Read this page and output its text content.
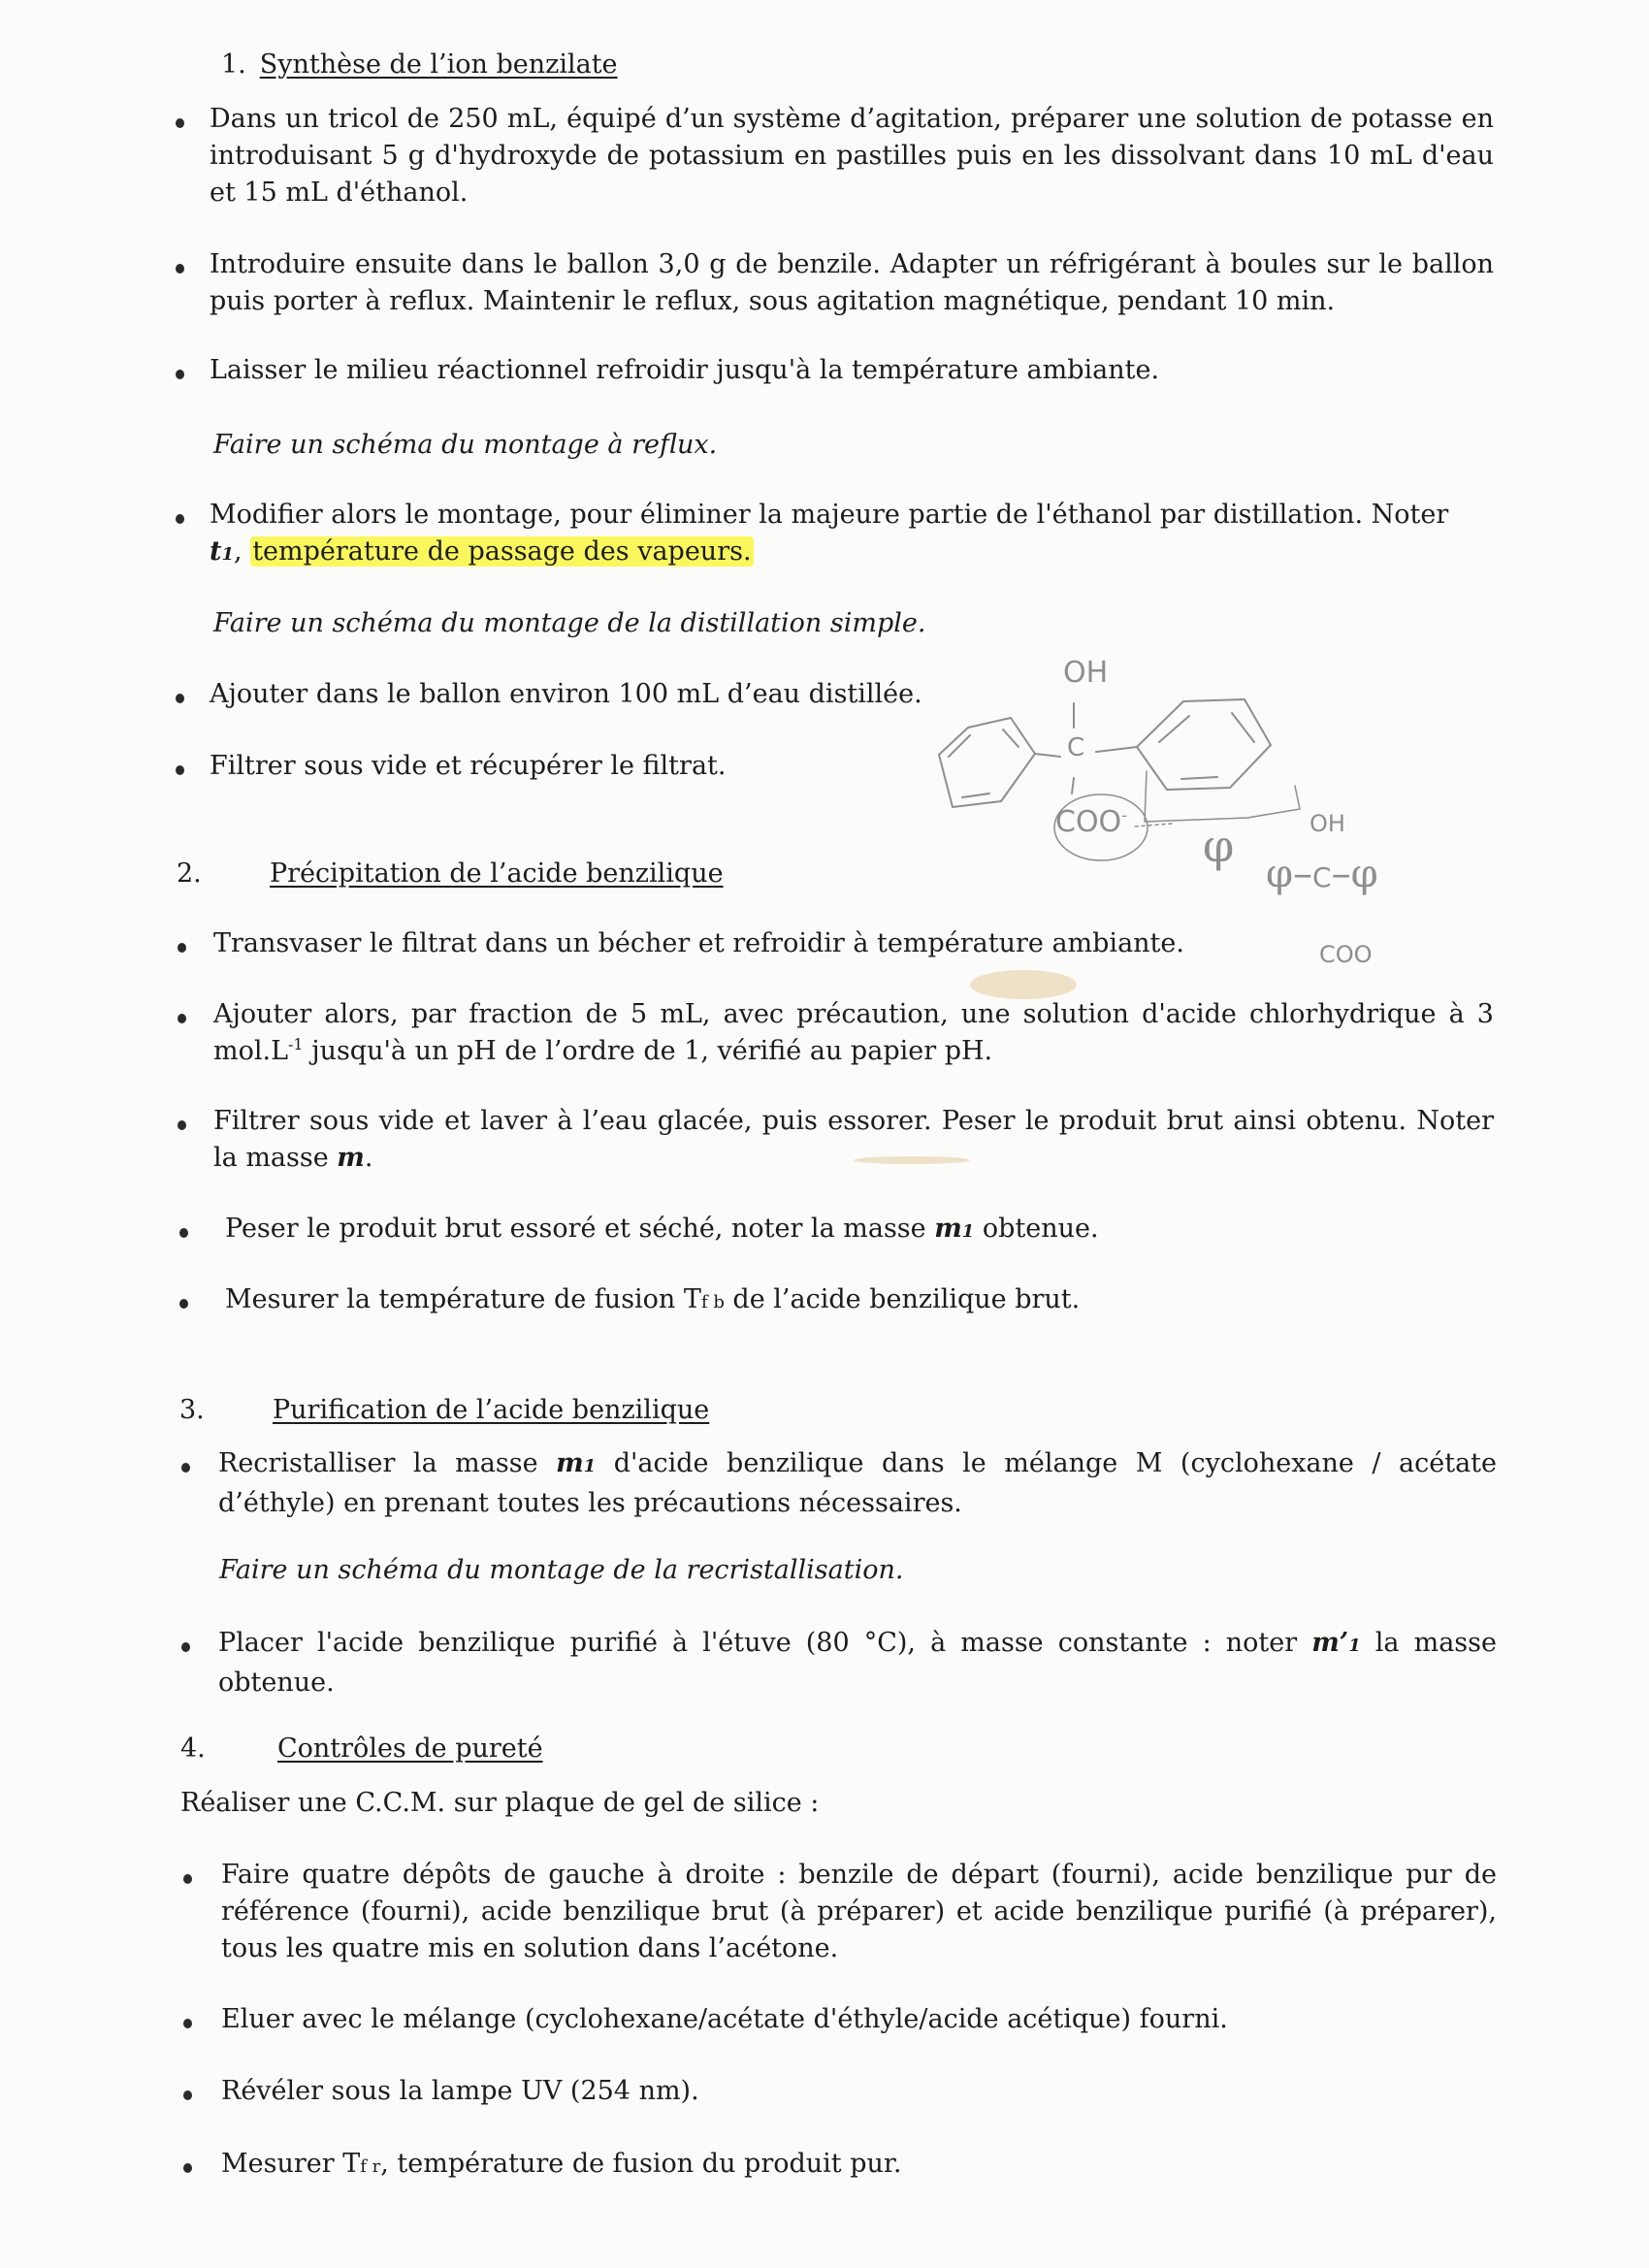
1. Synthèse de l’ion benzilate
Dans un tricol de 250 mL, équipé d’un système d’agitation, préparer une solution de potasse en introduisant 5 g d'hydroxyde de potassium en pastilles puis en les dissolvant dans 10 mL d'eau et 15 mL d'éthanol.
Introduire ensuite dans le ballon 3,0 g de benzile. Adapter un réfrigérant à boules sur le ballon puis porter à reflux. Maintenir le reflux, sous agitation magnétique, pendant 10 min.
Laisser le milieu réactionnel refroidir jusqu'à la température ambiante.
Faire un schéma du montage à reflux.
Modifier alors le montage, pour éliminer la majeure partie de l'éthanol par distillation. Noter
t1, température de passage des vapeurs.
Faire un schéma du montage de la distillation simple.
Ajouter dans le ballon environ 100 mL d’eau distillée.
Filtrer sous vide et récupérer le filtrat.
OH
C
COO-
φ	OH
φ–C–φ
COO
2.	Précipitation de l’acide benzilique
Transvaser le filtrat dans un bécher et refroidir à température ambiante.
Ajouter alors, par fraction de 5 mL, avec précaution, une solution d'acide chlorhydrique à 3 $mol.L^{-1}$ jusqu'à un pH de l’ordre de 1, vérifié au papier pH.
Filtrer sous vide et laver à l’eau glacée, puis essorer. Peser le produit brut ainsi obtenu. Noter la masse m.
Peser le produit brut essoré et séché, noter la masse m1 obtenue.
Mesurer la température de fusion Tf b de l’acide benzilique brut.
3.	Purification de l’acide benzilique
Recristalliser la masse m1 d'acide benzilique dans le mélange M (cyclohexane / acétate d’éthyle) en prenant toutes les précautions nécessaires.
Faire un schéma du montage de la recristallisation.
Placer l'acide benzilique purifié à l'étuve (80 °C), à masse constante : noter m’1 la masse obtenue.
4.	Contrôles de pureté
Réaliser une C.C.M. sur plaque de gel de silice :
Faire quatre dépôts de gauche à droite : benzile de départ (fourni), acide benzilique pur de référence (fourni), acide benzilique brut (à préparer) et acide benzilique purifié (à préparer), tous les quatre mis en solution dans l’acétone.
Eluer avec le mélange (cyclohexane/acétate d'éthyle/acide acétique) fourni.
Révéler sous la lampe UV (254 nm).
Mesurer Tf r, température de fusion du produit pur.
